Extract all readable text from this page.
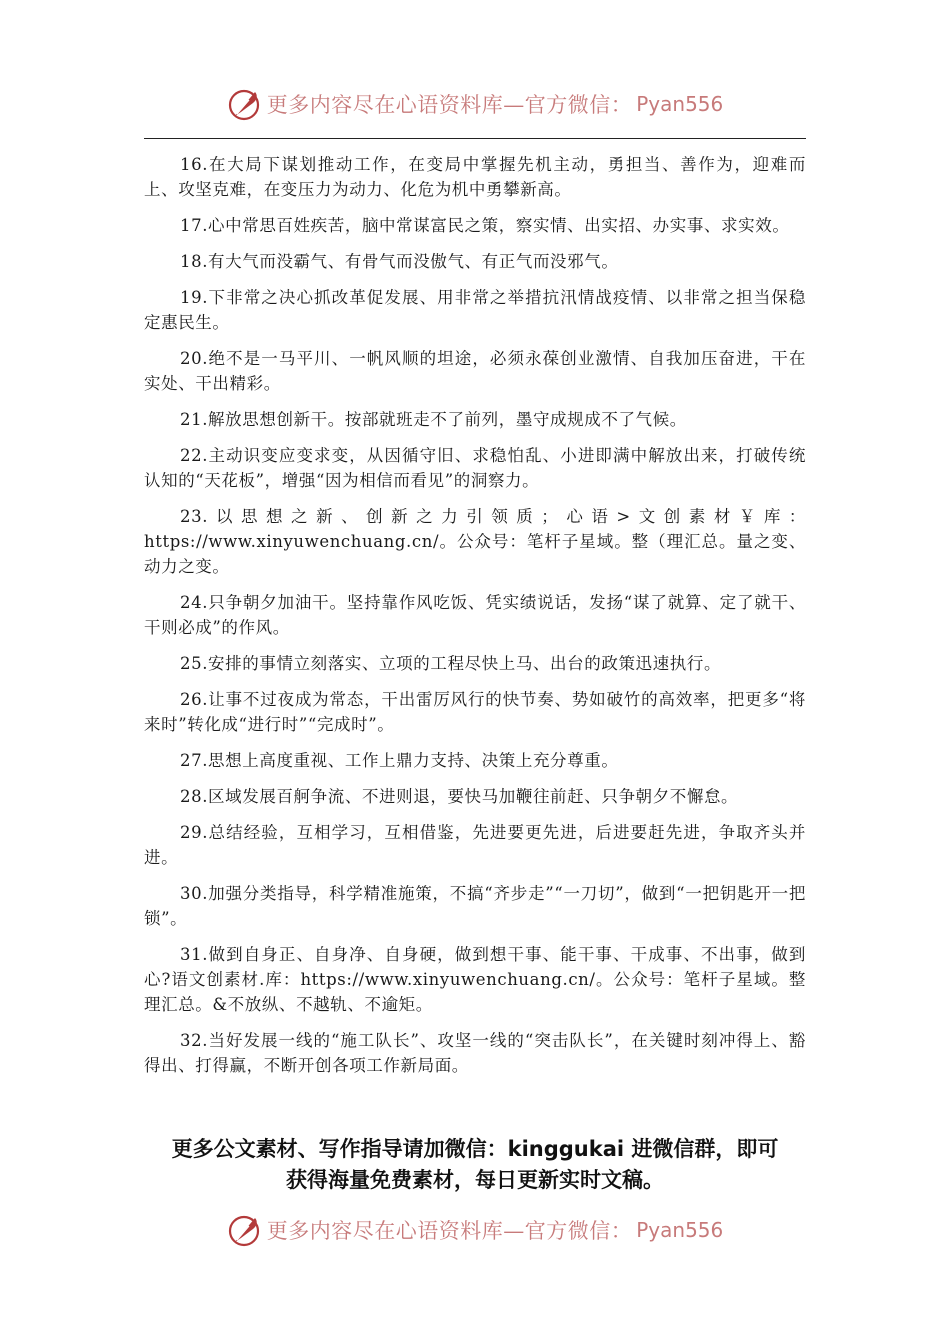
更多内容尽在心语资料库—官方微信： Pyan556

16.在大局下谋划推动工作，在变局中掌握先机主动，勇担当、善作为，迎难而上、攻坚克难，在变压力为动力、化危为机中勇攀新高。

17.心中常思百姓疾苦，脑中常谋富民之策，察实情、出实招、办实事、求实效。

18.有大气而没霸气、有骨气而没傲气、有正气而没邪气。

19.下非常之决心抓改革促发展、用非常之举措抗汛情战疫情、以非常之担当保稳定惠民生。

20.绝不是一马平川、一帆风顺的坦途，必须永葆创业激情、自我加压奋进，干在实处、干出精彩。

21.解放思想创新干。按部就班走不了前列，墨守成规成不了气候。

22.主动识变应变求变，从因循守旧、求稳怕乱、小进即满中解放出来，打破传统认知的“天花板”，增强“因为相信而看见”的洞察力。

23.以思想之新、创新之力引领质；心语>文创素材￥库：https://www.xinyuwenchuang.cn/。公众号：笔杆子星域。整（理汇总。量之变、动力之变。

24.只争朝夕加油干。坚持靠作风吃饭、凭实绩说话，发扬“谋了就算、定了就干、干则必成”的作风。

25.安排的事情立刻落实、立项的工程尽快上马、出台的政策迅速执行。

26.让事不过夜成为常态，干出雷厉风行的快节奏、势如破竹的高效率，把更多“将来时”转化成“进行时”“完成时”。

27.思想上高度重视、工作上鼎力支持、决策上充分尊重。

28.区域发展百舸争流、不进则退，要快马加鞭往前赶、只争朝夕不懈怠。

29.总结经验，互相学习，互相借鉴，先进要更先进，后进要赶先进，争取齐头并进。

30.加强分类指导，科学精准施策，不搞“齐步走”“一刀切”，做到“一把钥匙开一把锁”。

31.做到自身正、自身净、自身硬，做到想干事、能干事、干成事、不出事，做到心?语文创素材.库：https://www.xinyuwenchuang.cn/。公众号：笔杆子星域。整理汇总。&不放纵、不越轨、不逾矩。

32.当好发展一线的“施工队长”、攻坚一线的“突击队长”，在关键时刻冲得上、豁得出、打得赢，不断开创各项工作新局面。

更多公文素材、写作指导请加微信：kinggukai 进微信群，即可
获得海量免费素材，每日更新实时文稿。
更多内容尽在心语资料库—官方微信： Pyan556
